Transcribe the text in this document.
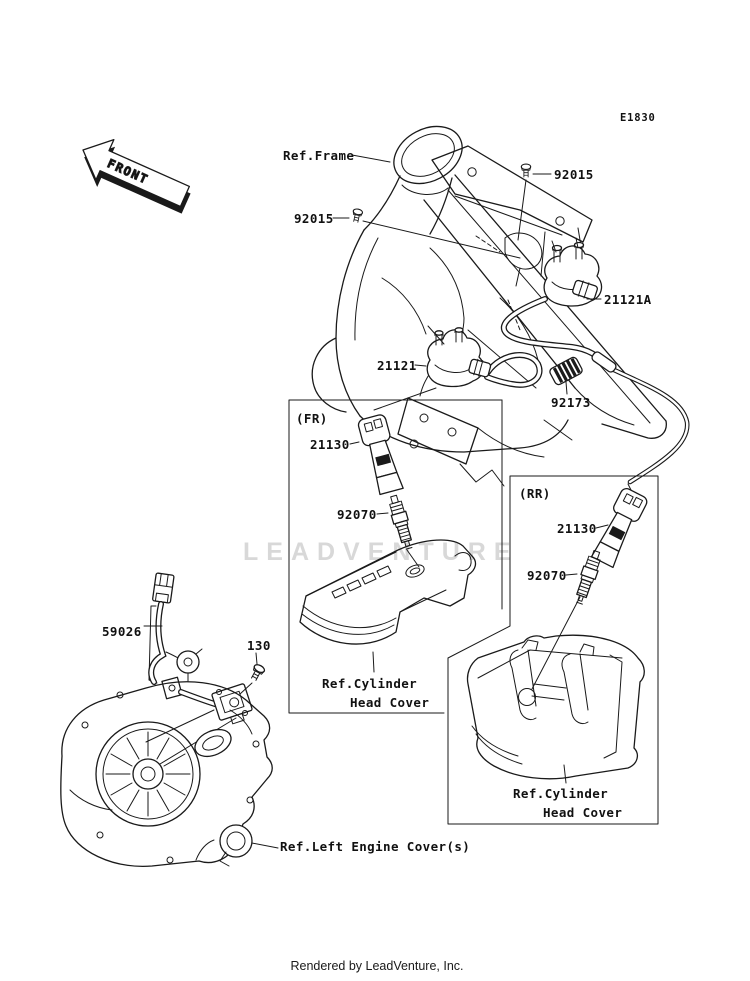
LEADVENTURE
FRONT
E1830
Ref.Frame
92015
92015
21121A
21121
92173
(FR)
21130
92070
Ref.Cylinder
Head Cover
(RR)
21130
92070
Ref.Cylinder
Head Cover
59026
130
Ref.Left Engine Cover(s)
Rendered by LeadVenture, Inc.
